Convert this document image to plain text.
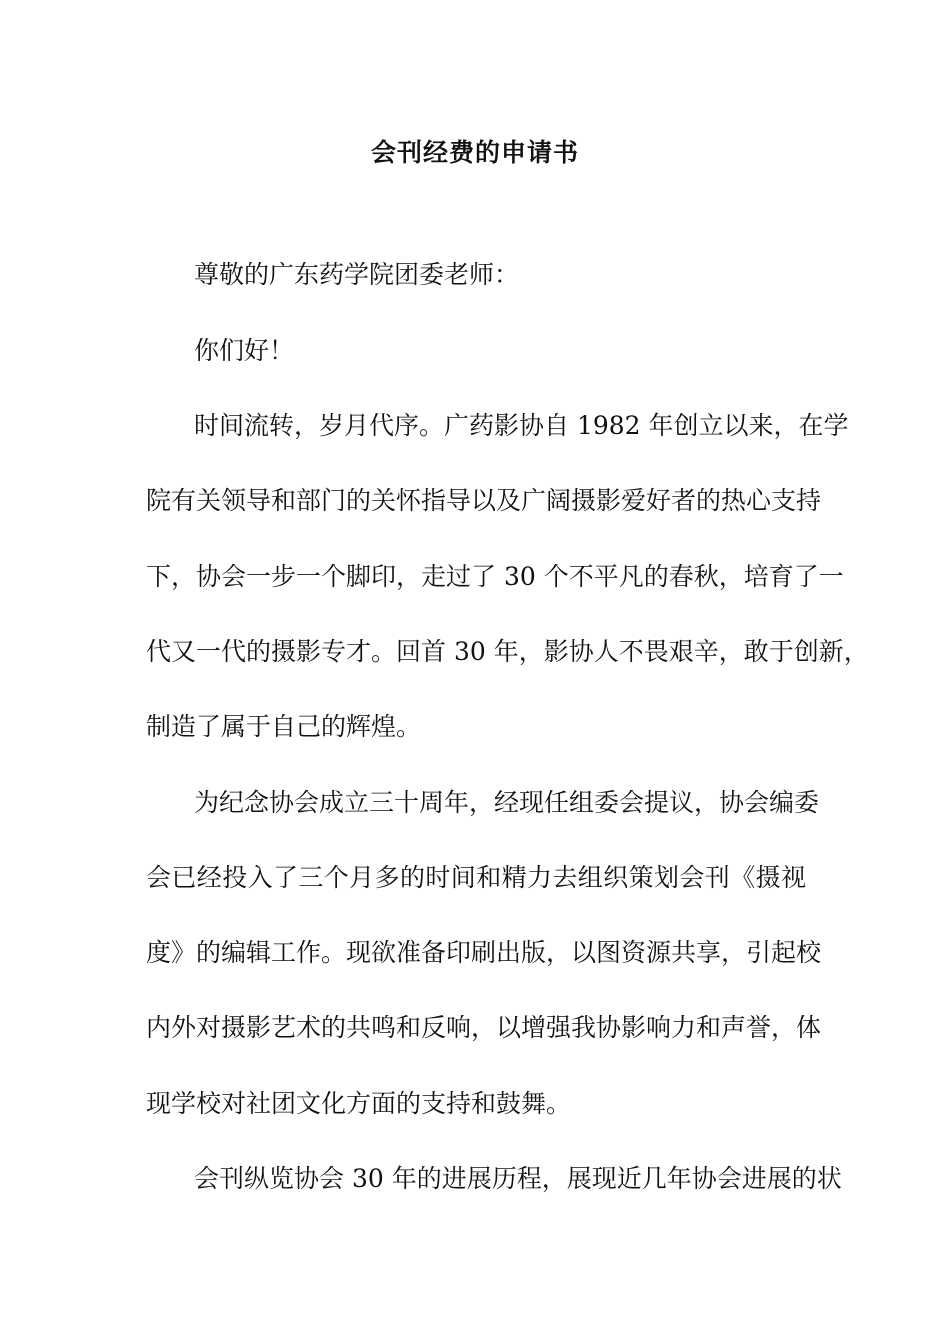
会刊经费的申请书
尊敬的广东药学院团委老师：
你们好！
时间流转，岁月代序。广药影协自 1982 年创立以来，在学
院有关领导和部门的关怀指导以及广阔摄影爱好者的热心支持
下，协会一步一个脚印，走过了 30 个不平凡的春秋，培育了一
代又一代的摄影专才。回首 30 年，影协人不畏艰辛，敢于创新，
制造了属于自己的辉煌。
为纪念协会成立三十周年，经现任组委会提议，协会编委
会已经投入了三个月多的时间和精力去组织策划会刊《摄视
度》的编辑工作。现欲准备印刷出版，以图资源共享，引起校
内外对摄影艺术的共鸣和反响，以增强我协影响力和声誉，体
现学校对社团文化方面的支持和鼓舞。
会刊纵览协会 30 年的进展历程，展现近几年协会进展的状
